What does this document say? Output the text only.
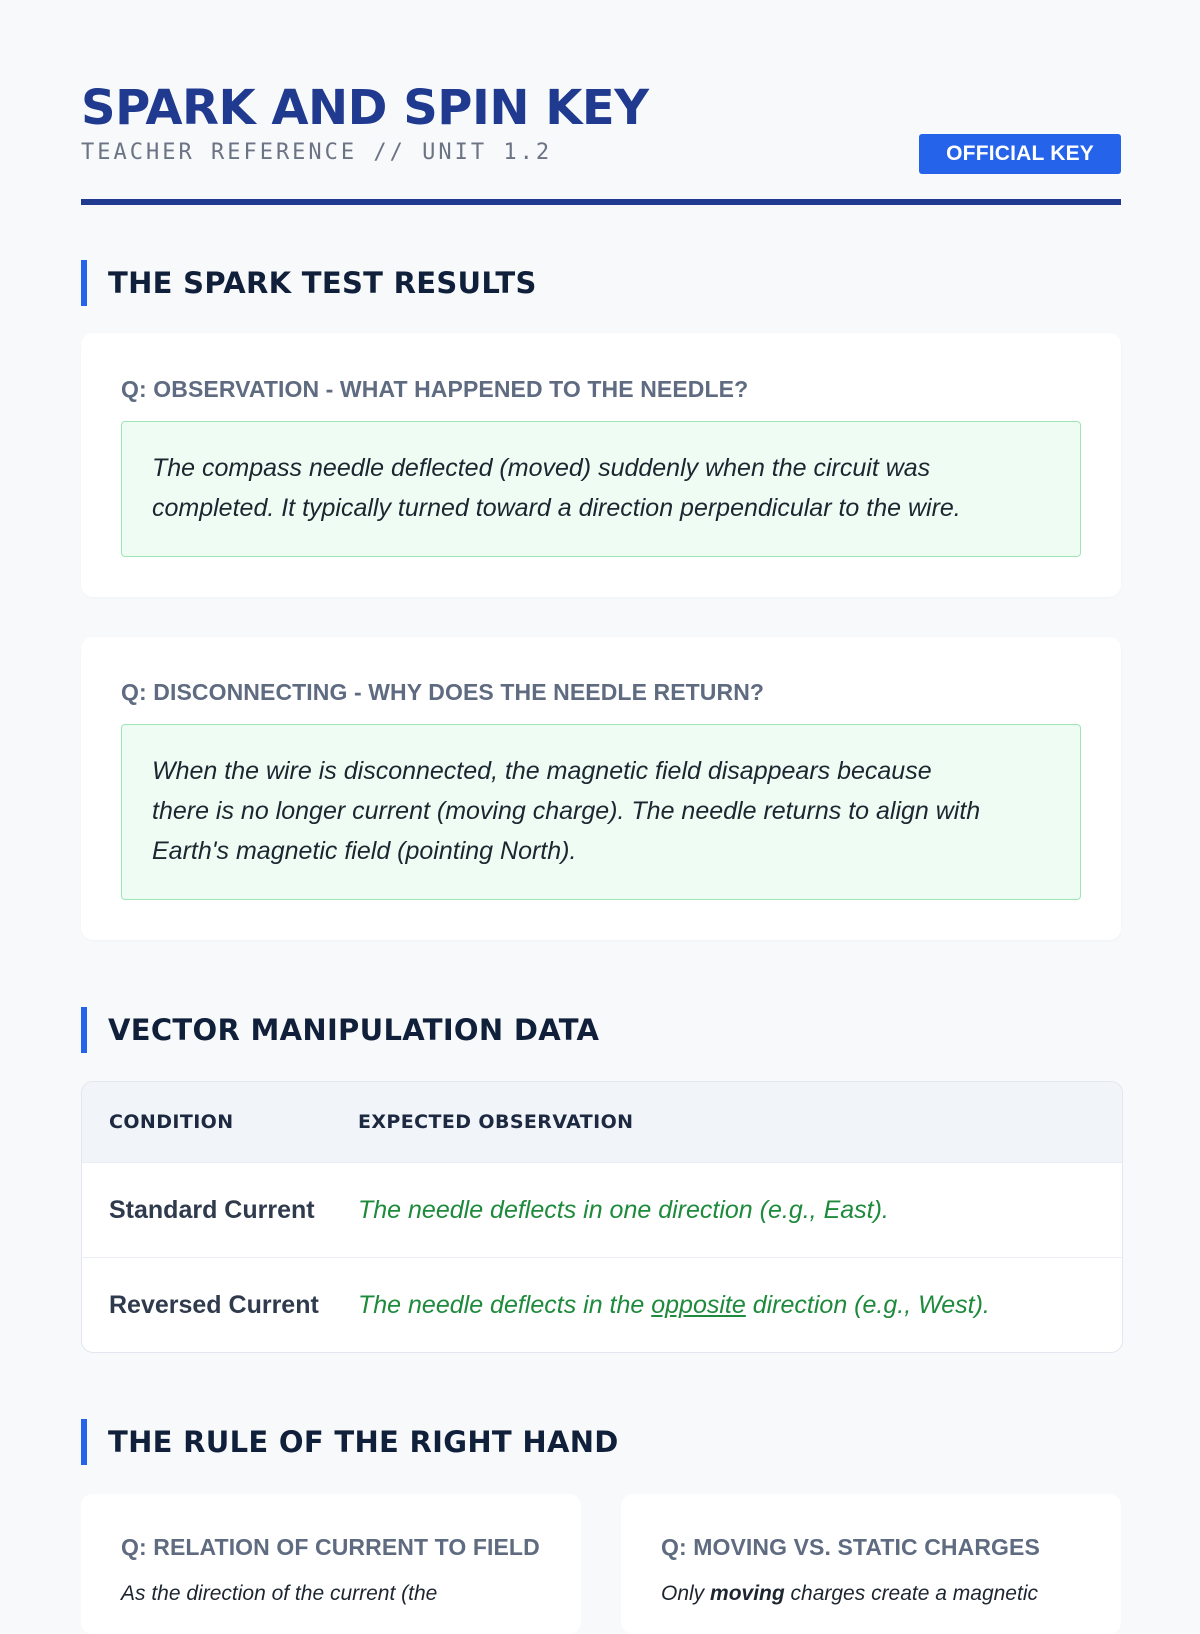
SPARK AND SPIN KEY
TEACHER REFERENCE // UNIT 1.2	OFFICIAL KEY
THE SPARK TEST RESULTS
Q: OBSERVATION - WHAT HAPPENED TO THE NEEDLE?
The compass needle deflected (moved) suddenly when the circuit was
completed. It typically turned toward a direction perpendicular to the wire.
Q: DISCONNECTING - WHY DOES THE NEEDLE RETURN?
When the wire is disconnected, the magnetic field disappears because
there is no longer current (moving charge). The needle returns to align with
Earth's magnetic field (pointing North).
VECTOR MANIPULATION DATA
CONDITION	EXPECTED OBSERVATION
Standard Current	The needle deflects in one direction (e.g., East).
Reversed Current	The needle deflects in the opposite direction (e.g., West).
THE RULE OF THE RIGHT HAND
Q: RELATION OF CURRENT TO FIELD
As the direction of the current (the
Q: MOVING VS. STATIC CHARGES
Only moving charges create a magnetic
